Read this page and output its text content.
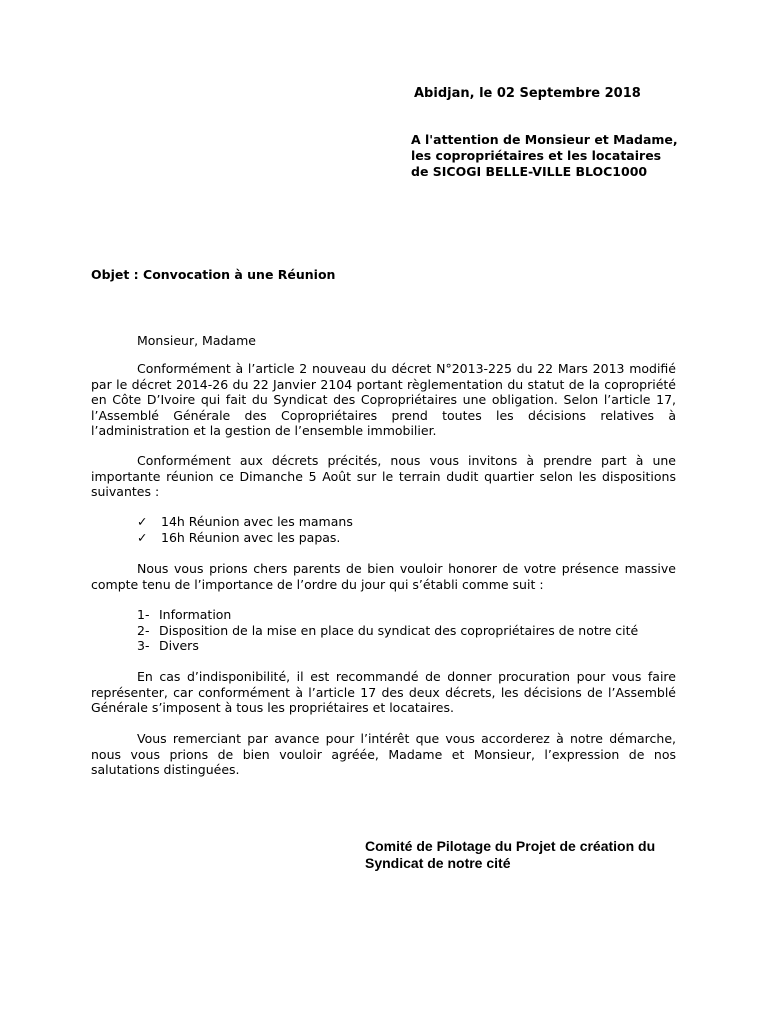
Abidjan, le 02 Septembre 2018
A l'attention de Monsieur et Madame, les copropriétaires et les locataires de SICOGI BELLE-VILLE BLOC1000
Objet : Convocation à une Réunion
Monsieur, Madame

Conformément à l’article 2 nouveau du décret N°2013-225 du 22 Mars 2013 modifié par le décret 2014-26 du 22 Janvier 2104 portant règlementation du statut de la copropriété en Côte D’Ivoire qui fait du Syndicat des Copropriétaires une obligation. Selon l’article 17, l’Assemblé Générale des Copropriétaires prend toutes les décisions relatives à l’administration et la gestion de l’ensemble immobilier.

Conformément aux décrets précités, nous vous invitons à prendre part à une importante réunion ce Dimanche 5 Août sur le terrain dudit quartier selon les dispositions suivantes :

✓ 14h Réunion avec les mamans
✓ 16h Réunion avec les papas.

Nous vous prions chers parents de bien vouloir honorer de votre présence massive compte tenu de l’importance de l’ordre du jour qui s’établi comme suit :

1- Information
2- Disposition de la mise en place du syndicat des copropriétaires de notre cité
3- Divers

En cas d’indisponibilité, il est recommandé de donner procuration pour vous faire représenter, car conformément à l’article 17 des deux décrets, les décisions de l’Assemblé Générale s’imposent à tous les propriétaires et locataires.

Vous remerciant par avance pour l’intérêt que vous accorderez à notre démarche, nous vous prions de bien vouloir agréée, Madame et Monsieur, l’expression de nos salutations distinguées.

Comité de Pilotage du Projet de création du Syndicat de notre cité
